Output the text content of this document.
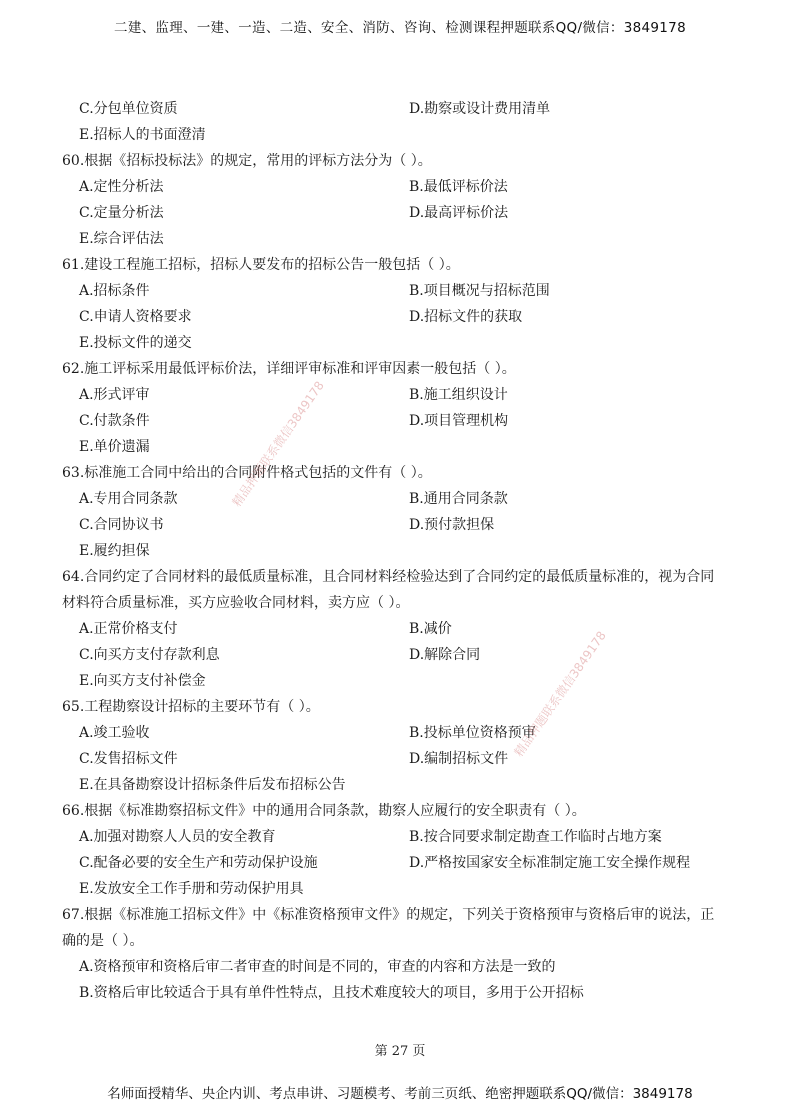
二建、监理、一建、一造、二造、安全、消防、咨询、检测课程押题联系QQ/微信：3849178
C.分包单位资质	D.勘察或设计费用清单
E.招标人的书面澄清
60.根据《招标投标法》的规定，常用的评标方法分为（ ）。
A.定性分析法	B.最低评标价法
C.定量分析法	D.最高评标价法
E.综合评估法
61.建设工程施工招标，招标人要发布的招标公告一般包括（ ）。
A.招标条件	B.项目概况与招标范围
C.申请人资格要求	D.招标文件的获取
E.投标文件的递交
62.施工评标采用最低评标价法，详细评审标准和评审因素一般包括（ ）。
A.形式评审	B.施工组织设计
C.付款条件	D.项目管理机构
E.单价遗漏
63.标准施工合同中给出的合同附件格式包括的文件有（ ）。
A.专用合同条款	B.通用合同条款
C.合同协议书	D.预付款担保
E.履约担保
64.合同约定了合同材料的最低质量标准，且合同材料经检验达到了合同约定的最低质量标准的，视为合同
材料符合质量标准，买方应验收合同材料，卖方应（ ）。
A.正常价格支付	B.减价
C.向买方支付存款利息	D.解除合同
E.向买方支付补偿金
65.工程勘察设计招标的主要环节有（ ）。
A.竣工验收	B.投标单位资格预审
C.发售招标文件	D.编制招标文件
E.在具备勘察设计招标条件后发布招标公告
66.根据《标准勘察招标文件》中的通用合同条款，勘察人应履行的安全职责有（ ）。
A.加强对勘察人人员的安全教育	B.按合同要求制定勘查工作临时占地方案
C.配备必要的安全生产和劳动保护设施	D.严格按国家安全标准制定施工安全操作规程
E.发放安全工作手册和劳动保护用具
67.根据《标准施工招标文件》中《标准资格预审文件》的规定，下列关于资格预审与资格后审的说法，正
确的是（ ）。
A.资格预审和资格后审二者审查的时间是不同的，审查的内容和方法是一致的
B.资格后审比较适合于具有单件性特点，且技术难度较大的项目，多用于公开招标
精品押题联系微信3849178
精品押题联系微信3849178
第 27 页
名师面授精华、央企内训、考点串讲、习题模考、考前三页纸、绝密押题联系QQ/微信：3849178
